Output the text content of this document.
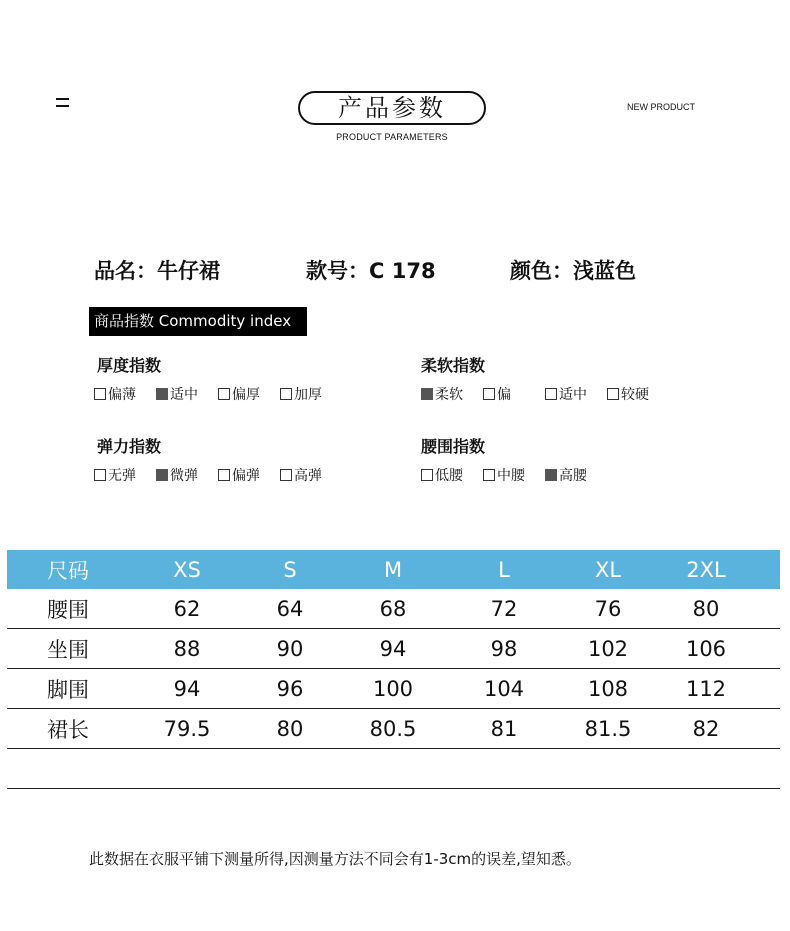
产品参数
PRODUCT PARAMETERS
NEW PRODUCT
品名：牛仔裙	款号：C 178	颜色：浅蓝色
商品指数 Commodity index
厚度指数
偏薄 适中 偏厚 加厚
柔软指数
柔软 偏	适中 较硬
弹力指数
无弹 微弹 偏弹 高弹
腰围指数
低腰 中腰 高腰
尺码	XS	S	M	L	XL	2XL
腰围	62	64	68	72	76	80
坐围	88	90	94	98	102	106
脚围	94	96	100	104	108	112
裙长	79.5	80	80.5	81	81.5	82
此数据在衣服平铺下测量所得,因测量方法不同会有1-3cm的误差,望知悉。
